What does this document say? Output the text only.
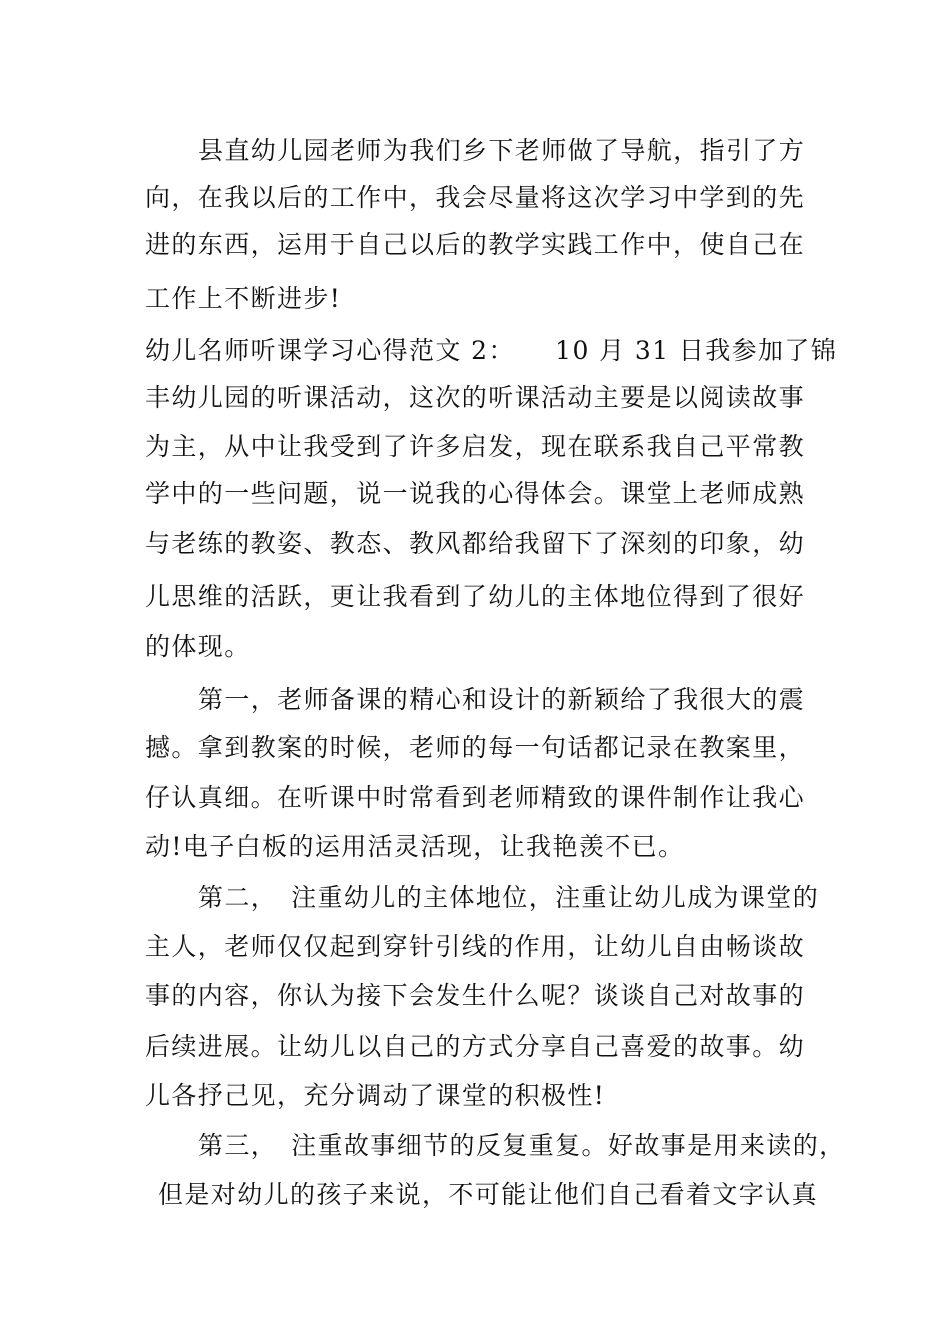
县直幼儿园老师为我们乡下老师做了导航，指引了方
向，在我以后的工作中，我会尽量将这次学习中学到的先
进的东西，运用于自己以后的教学实践工作中，使自己在
工作上不断进步!
幼儿名师听课学习心得范文 2：　　10 月 31 日我参加了锦
丰幼儿园的听课活动，这次的听课活动主要是以阅读故事
为主，从中让我受到了许多启发，现在联系我自己平常教
学中的一些问题，说一说我的心得体会。课堂上老师成熟
与老练的教姿、教态、教风都给我留下了深刻的印象，幼
儿思维的活跃，更让我看到了幼儿的主体地位得到了很好
的体现。
第一，老师备课的精心和设计的新颖给了我很大的震
撼。拿到教案的时候，老师的每一句话都记录在教案里，
仔认真细。在听课中时常看到老师精致的课件制作让我心
动!电子白板的运用活灵活现，让我艳羡不已。
第二，　注重幼儿的主体地位，注重让幼儿成为课堂的
主人，老师仅仅起到穿针引线的作用，让幼儿自由畅谈故
事的内容，你认为接下会发生什么呢？谈谈自己对故事的
后续进展。让幼儿以自己的方式分享自己喜爱的故事。幼
儿各抒己见，充分调动了课堂的积极性!
第三，　注重故事细节的反复重复。好故事是用来读的，
但是对幼儿的孩子来说，不可能让他们自己看着文字认真
